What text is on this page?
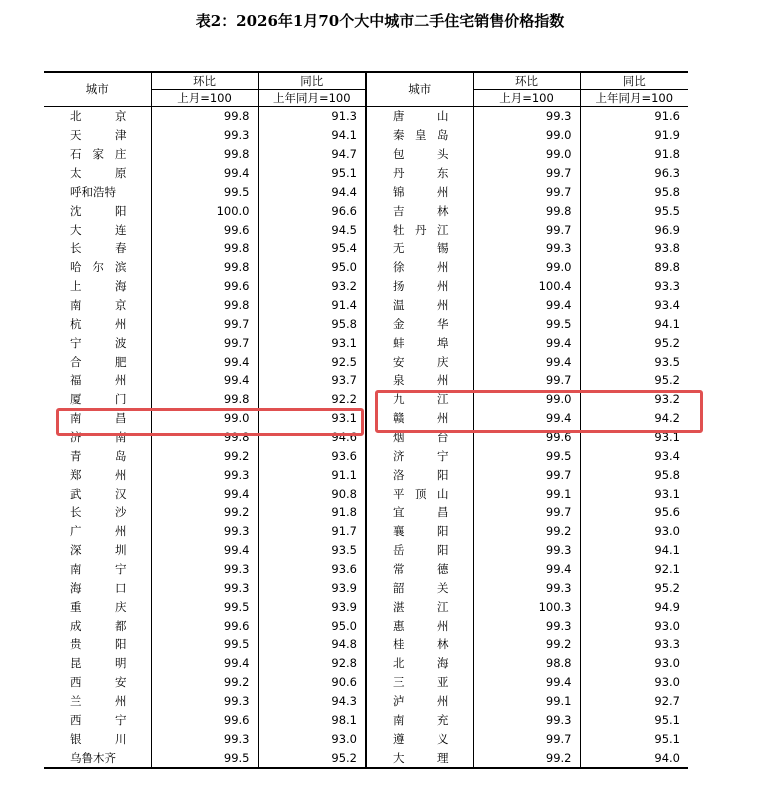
表2：2026年1月70个大中城市二手住宅销售价格指数
城市	环比	同比	城市	环比	同比
	上月=100	上年同月=100		上月=100	上年同月=100

北 京	99.8	91.3	唐 山	99.3	91.6

天 津	99.3	94.1	秦 皇 岛	99.0	91.9

石 家 庄	99.8	94.7	包 头	99.0	91.8

太 原	99.4	95.1	丹 东	99.7	96.3

呼和浩特	99.5	94.4	锦 州	99.7	95.8

沈 阳	100.0	96.6	吉 林	99.8	95.5

大 连	99.6	94.5	牡 丹 江	99.7	96.9

长 春	99.8	95.4	无 锡	99.3	93.8

哈 尔 滨	99.8	95.0	徐 州	99.0	89.8

上 海	99.6	93.2	扬 州	100.4	93.3

南 京	99.8	91.4	温 州	99.4	93.4

杭 州	99.7	95.8	金 华	99.5	94.1

宁 波	99.7	93.1	蚌 埠	99.4	95.2

合 肥	99.4	92.5	安 庆	99.4	93.5

福 州	99.4	93.7	泉 州	99.7	95.2

厦 门	99.8	92.2	九 江	99.0	93.2

南 昌	99.0	93.1	赣 州	99.4	94.2

济 南	99.8	94.6	烟 台	99.6	93.1

青 岛	99.2	93.6	济 宁	99.5	93.4

郑 州	99.3	91.1	洛 阳	99.7	95.8

武 汉	99.4	90.8	平 顶 山	99.1	93.1

长 沙	99.2	91.8	宜 昌	99.7	95.6

广 州	99.3	91.7	襄 阳	99.2	93.0

深 圳	99.4	93.5	岳 阳	99.3	94.1

南 宁	99.3	93.6	常 德	99.4	92.1

海 口	99.3	93.9	韶 关	99.3	95.2

重 庆	99.5	93.9	湛 江	100.3	94.9

成 都	99.6	95.0	惠 州	99.3	93.0

贵 阳	99.5	94.8	桂 林	99.2	93.3

昆 明	99.4	92.8	北 海	98.8	93.0

西 安	99.2	90.6	三 亚	99.4	93.0

兰 州	99.3	94.3	泸 州	99.1	92.7

西 宁	99.6	98.1	南 充	99.3	95.1

银 川	99.3	93.0	遵 义	99.7	95.1

乌鲁木齐	99.5	95.2	大 理	99.2	94.0
